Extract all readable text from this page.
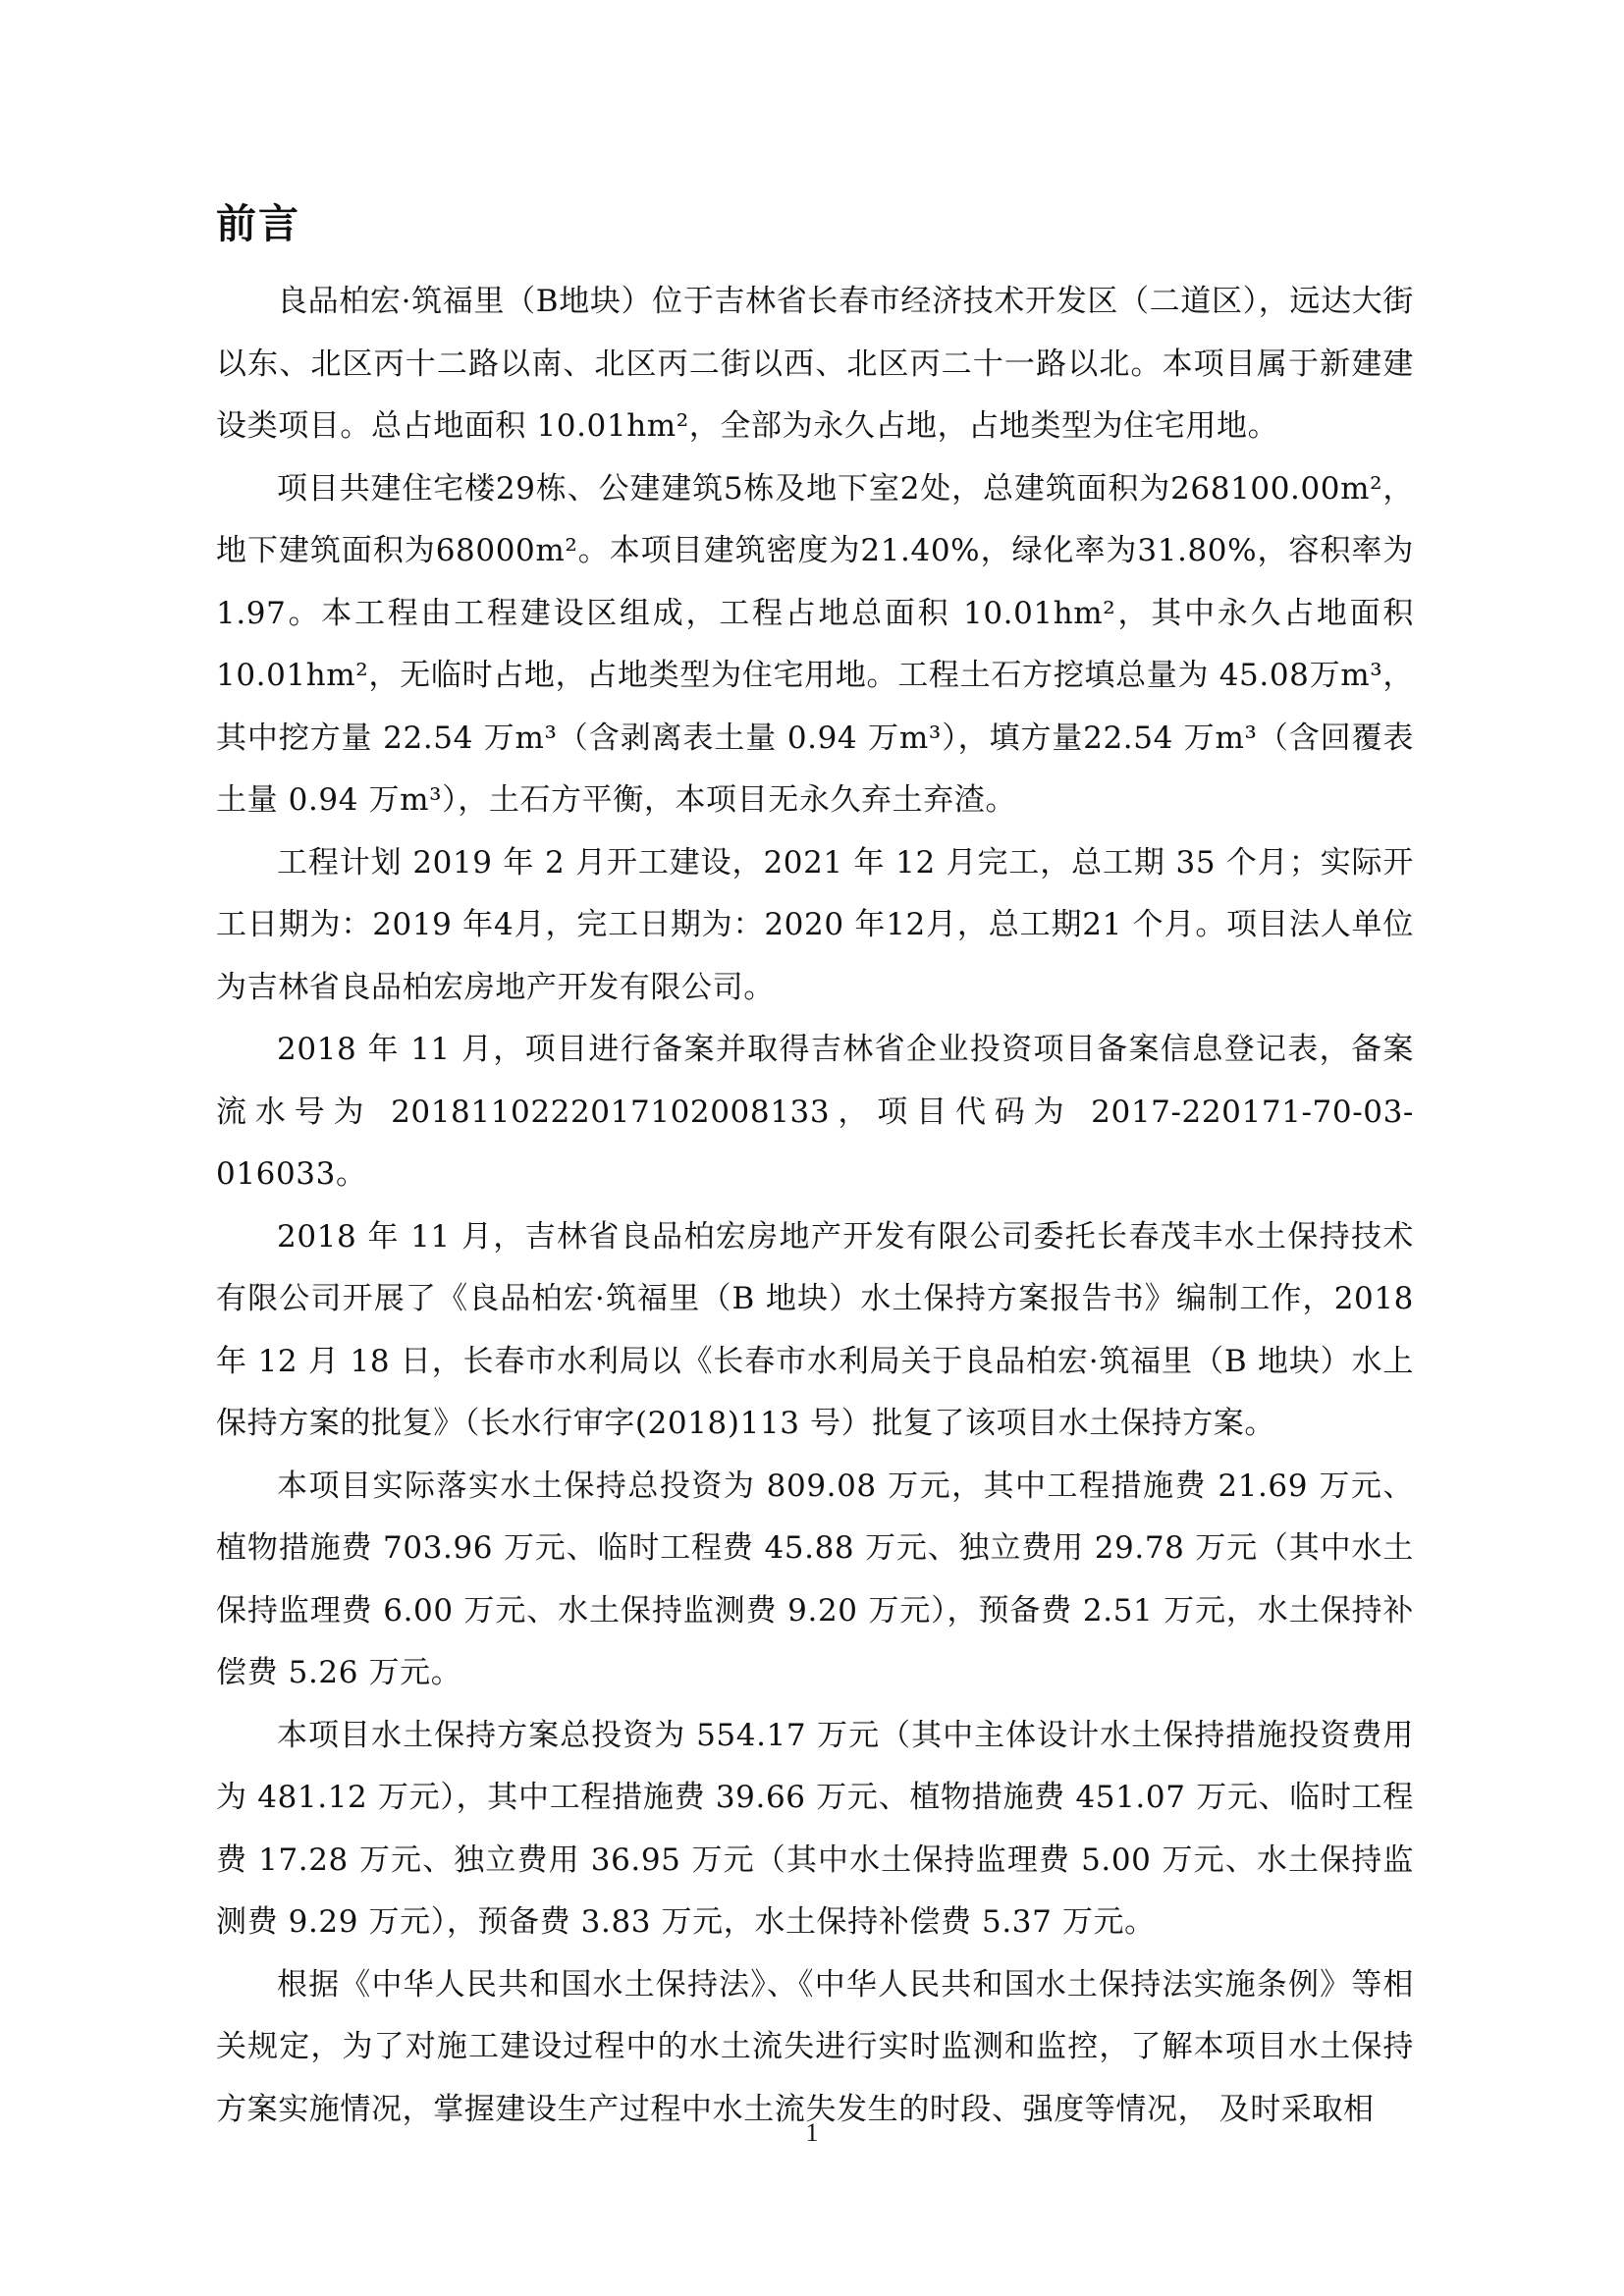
前言

良品柏宏·筑福里（B地块）位于吉林省长春市经济技术开发区（二道区），远达大街以东、北区丙十二路以南、北区丙二街以西、北区丙二十一路以北。本项目属于新建建设类项目。总占地面积 10.01hm²，全部为永久占地，占地类型为住宅用地。

项目共建住宅楼29栋、公建建筑5栋及地下室2处，总建筑面积为268100.00m²，地下建筑面积为68000m²。本项目建筑密度为21.40%，绿化率为31.80%，容积率为1.97。本工程由工程建设区组成，工程占地总面积 10.01hm²，其中永久占地面积 10.01hm²，无临时占地，占地类型为住宅用地。工程土石方挖填总量为 45.08万m³，其中挖方量 22.54 万m³（含剥离表土量 0.94 万m³），填方量22.54 万m³（含回覆表土量 0.94 万m³），土石方平衡，本项目无永久弃土弃渣。

工程计划 2019 年 2 月开工建设，2021 年 12 月完工，总工期 35 个月；实际开工日期为：2019 年4月，完工日期为：2020 年12月，总工期21 个月。项目法人单位为吉林省良品柏宏房地产开发有限公司。

2018 年 11 月，项目进行备案并取得吉林省企业投资项目备案信息登记表，备案流水号为 20181102220171020081​33，项目代码为 2017-220171-70-03-016033。

2018 年 11 月，吉林省良品柏宏房地产开发有限公司委托长春茂丰水土保持技术有限公司开展了《良品柏宏·筑福里（B 地块）水土保持方案报告书》编制工作，2018 年 12 月 18 日，长春市水利局以《长春市水利局关于良品柏宏·筑福里（B 地块）水上保持方案的批复》（长水行审字(2018)113 号）批复了该项目水土保持方案。

本项目实际落实水土保持总投资为 809.08 万元，其中工程措施费 21.69 万元、植物措施费 703.96 万元、临时工程费 45.88 万元、独立费用 29.78 万元（其中水土保持监理费 6.00 万元、水土保持监测费 9.20 万元），预备费 2.51 万元，水土保持补偿费 5.26 万元。

本项目水土保持方案总投资为 554.17 万元（其中主体设计水土保持措施投资费用为 481.12 万元），其中工程措施费 39.66 万元、植物措施费 451.07 万元、临时工程费 17.28 万元、独立费用 36.95 万元（其中水土保持监理费 5.00 万元、水土保持监测费 9.29 万元），预备费 3.83 万元，水土保持补偿费 5.37 万元。

根据《中华人民共和国水土保持法》、《中华人民共和国水土保持法实施条例》等相关规定，为了对施工建设过程中的水土流失进行实时监测和监控，了解本项目水土保持方案实施情况，掌握建设生产过程中水土流失发生的时段、强度等情况， 及时采取相

1
